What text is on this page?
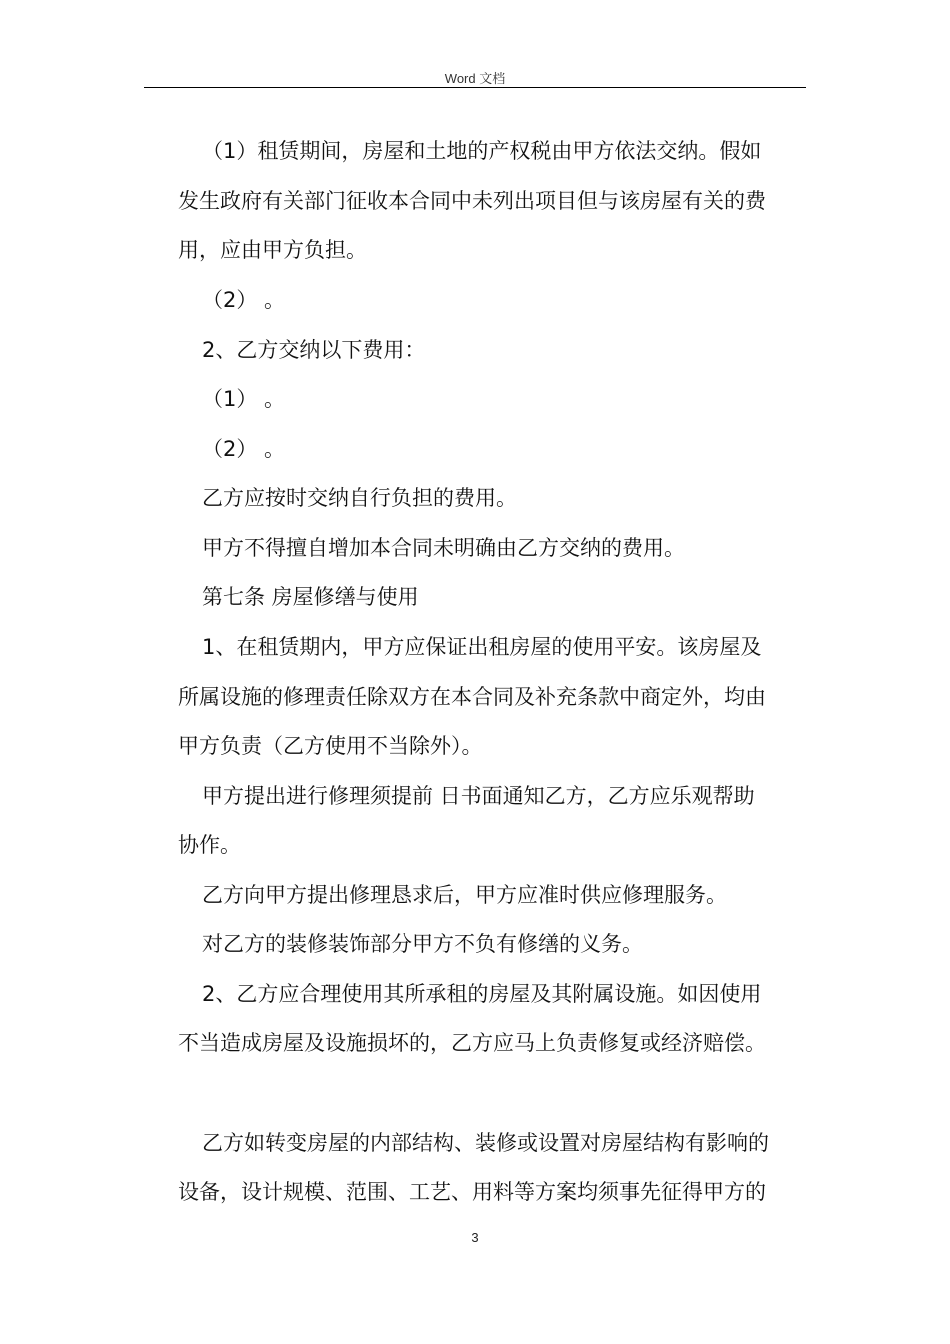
Word 文档
（1）租赁期间，房屋和土地的产权税由甲方依法交纳。假如
发生政府有关部门征收本合同中未列出项目但与该房屋有关的费
用，应由甲方负担。
（2） 。
2、乙方交纳以下费用：
（1） 。
（2） 。
乙方应按时交纳自行负担的费用。
甲方不得擅自增加本合同未明确由乙方交纳的费用。
第七条 房屋修缮与使用
1、在租赁期内，甲方应保证出租房屋的使用平安。该房屋及
所属设施的修理责任除双方在本合同及补充条款中商定外，均由
甲方负责（乙方使用不当除外）。
甲方提出进行修理须提前 日书面通知乙方，乙方应乐观帮助
协作。
乙方向甲方提出修理恳求后，甲方应准时供应修理服务。
对乙方的装修装饰部分甲方不负有修缮的义务。
2、乙方应合理使用其所承租的房屋及其附属设施。如因使用
不当造成房屋及设施损坏的，乙方应马上负责修复或经济赔偿。
乙方如转变房屋的内部结构、装修或设置对房屋结构有影响的
设备，设计规模、范围、工艺、用料等方案均须事先征得甲方的
3
